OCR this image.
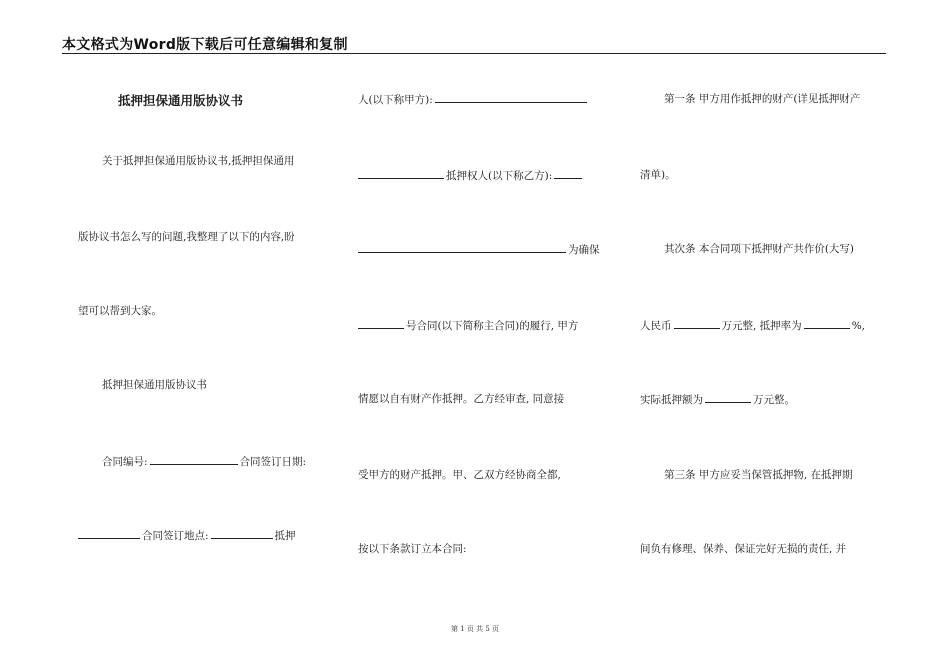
本文格式为Word版下载后可任意编辑和复制
抵押担保通用版协议书
关于抵押担保通用版协议书,抵押担保通用
版协议书怎么写的问题,我整理了以下的内容,盼
望可以帮到大家。
抵押担保通用版协议书
合同编号:	合同签订日期:
合同签订地点:	抵押
人(以下称甲方):
抵押权人(以下称乙方):
为确保
号合同(以下简称主合同)的履行, 甲方
情愿以自有财产作抵押。乙方经审查, 同意接
受甲方的财产抵押。甲、乙双方经协商全都,
按以下条款订立本合同:
第一条 甲方用作抵押的财产(详见抵押财产
清单)。
其次条 本合同项下抵押财产共作价(大写)
人民币	万元整, 抵押率为	%,
实际抵押额为	万元整。
第三条 甲方应妥当保管抵押物, 在抵押期
间负有修理、保养、保证完好无损的责任, 并
第 1 页 共 5 页
